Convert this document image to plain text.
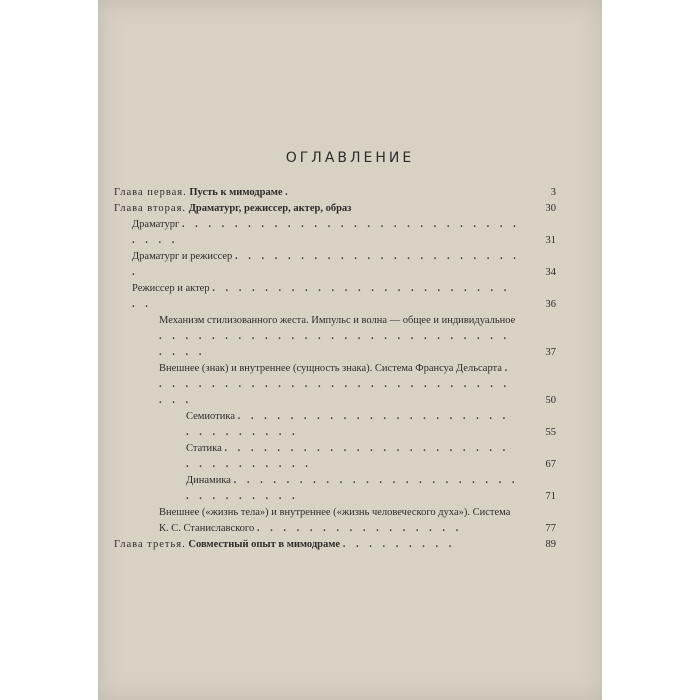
ОГЛАВЛЕНИЕ
Глава первая. Пусть к мимодраме .	3
Глава вторая. Драматург, режиссер, актер, образ	30
Драматург . . . . . . . . . . . . . . . . . . . . . . . . . . . . . .	31
Драматург и режиссер . . . . . . . . . . . . . . . . . . . . . . .	34
Режиссер и актер . . . . . . . . . . . . . . . . . . . . . . . . .	36
Механизм стилизованного жеста. Импульс и волна — общее и индивидуальное . . . . . . . . . . . . . . . . . . . . . . . . . . . . . . .	37
Внешнее (знак) и внутреннее (сущность знака). Система Франсуа Дельсарта . . . . . . . . . . . . . . . . . . . . . . . . . . . . . . .	50
Семиотика . . . . . . . . . . . . . . . . . . . . . . . . . . . . . .	55
Статика . . . . . . . . . . . . . . . . . . . . . . . . . . . . . . . .	67
Динамика . . . . . . . . . . . . . . . . . . . . . . . . . . . . . . .	71
Внешнее («жизнь тела») и внутреннее («жизнь человеческого духа»). Система К. С. Станиславского . . . . . . . . . . . . . . . .	77
Глава третья. Совместный опыт в мимодраме . . . . . . . . .	89
